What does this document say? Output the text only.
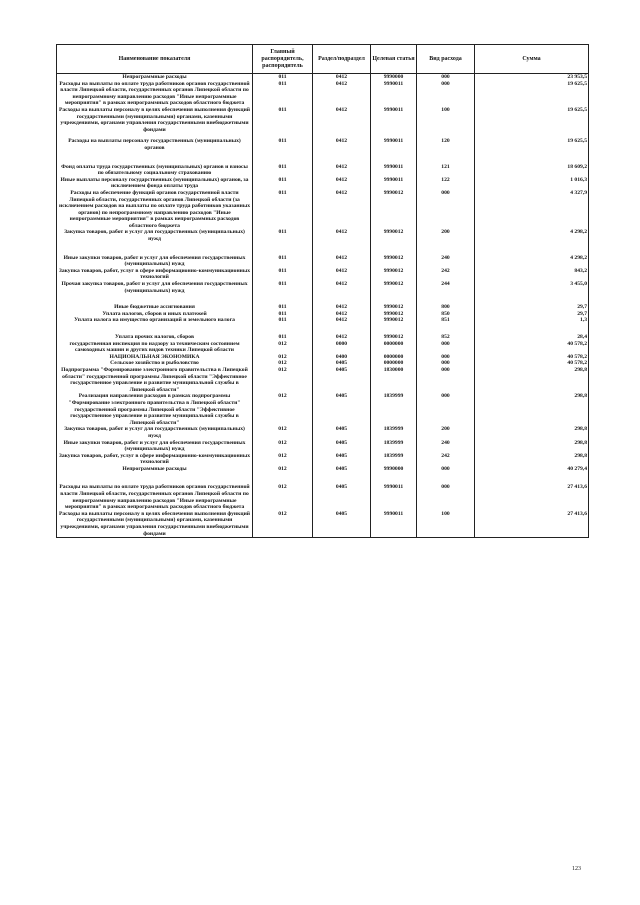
Наименование показателя	Главный распорядитель, распорядитель	Раздел/подраздел	Целевая статья	Вид расхода	Сумма
Непрограммные расходы	011	0412	9990000	000	23 953,5
Расходы на выплаты по оплате труда работников органов государственной власти Липецкой области, государственных органов Липецкой области по непрограммному направлению расходов "Иные непрограммные мероприятия" в рамках непрограммных расходов областного бюджета	011	0412	9990011	000	19 625,5
Расходы на выплаты персоналу в целях обеспечения выполнения функций государственными (муниципальными) органами, казенными учреждениями, органами управления государственными внебюджетными фондами	011	0412	9990011	100	19 625,5
Расходы на выплаты персоналу государственных (муниципальных) органов	011	0412	9990011	120	19 625,5
Фонд оплаты труда государственных (муниципальных) органов и взносы по обязательному социальному страхованию	011	0412	9990011	121	18 609,2
Иные выплаты персоналу государственных (муниципальных) органов, за исключением фонда оплаты труда	011	0412	9990011	122	1 016,3
Расходы на обеспечение функций органов государственной власти Липецкой области, государственных органов Липецкой области (за исключением расходов на выплаты по оплате труда работников указанных органов) по непрограммному направлению расходов "Иные непрограммные мероприятия" в рамках непрограммных расходов областного бюджета	011	0412	9990012	000	4 327,9
Закупка товаров, работ и услуг для государственных (муниципальных) нужд	011	0412	9990012	200	4 298,2
Иные закупки товаров, работ и услуг для обеспечения государственных (муниципальных) нужд	011	0412	9990012	240	4 298,2
Закупка товаров, работ, услуг в сфере информационно-коммуникационных технологий	011	0412	9990012	242	843,2
Прочая закупка товаров, работ и услуг для обеспечения государственных (муниципальных) нужд	011	0412	9990012	244	3 455,0
Иные бюджетные ассигнования	011	0412	9990012	800	29,7
Уплата налогов, сборов и иных платежей	011	0412	9990012	850	29,7
Уплата налога на имущество организаций и земельного налога	011	0412	9990012	851	1,3
Уплата прочих налогов, сборов	011	0412	9990012	852	28,4
государственная инспекция по надзору за техническим состоянием самоходных машин и других видов техники Липецкой области	012	0000	0000000	000	40 578,2
НАЦИОНАЛЬНАЯ ЭКОНОМИКА	012	0400	0000000	000	40 578,2
Сельское хозяйство и рыболовство	012	0405	0000000	000	40 578,2
Подпрограмма "Формирование электронного правительства в Липецкой области" государственной программы Липецкой области "Эффективное государственное управление и развитие муниципальной службы в Липецкой области"	012	0405	1830000	000	298,8
Реализация направления расходов в рамках подпрограммы "Формирование электронного правительства в Липецкой области" государственной программы Липецкой области "Эффективное государственное управление и развитие муниципальной службы в Липецкой области"	012	0405	1839999	000	298,8
Закупка товаров, работ и услуг для государственных (муниципальных) нужд	012	0405	1839999	200	298,8
Иные закупки товаров, работ и услуг для обеспечения государственных (муниципальных) нужд	012	0405	1839999	240	298,8
Закупка товаров, работ, услуг в сфере информационно-коммуникационных технологий	012	0405	1839999	242	298,8
Непрограммные расходы	012	0405	9990000	000	40 279,4
Расходы на выплаты по оплате труда работников органов государственной власти Липецкой области, государственных органов Липецкой области по непрограммному направлению расходов "Иные непрограммные мероприятия" в рамках непрограммных расходов областного бюджета	012	0405	9990011	000	27 413,6
Расходы на выплаты персоналу в целях обеспечения выполнения функций государственными (муниципальными) органами, казенными учреждениями, органами управления государственными внебюджетными фондами	012	0405	9990011	100	27 413,6
123
